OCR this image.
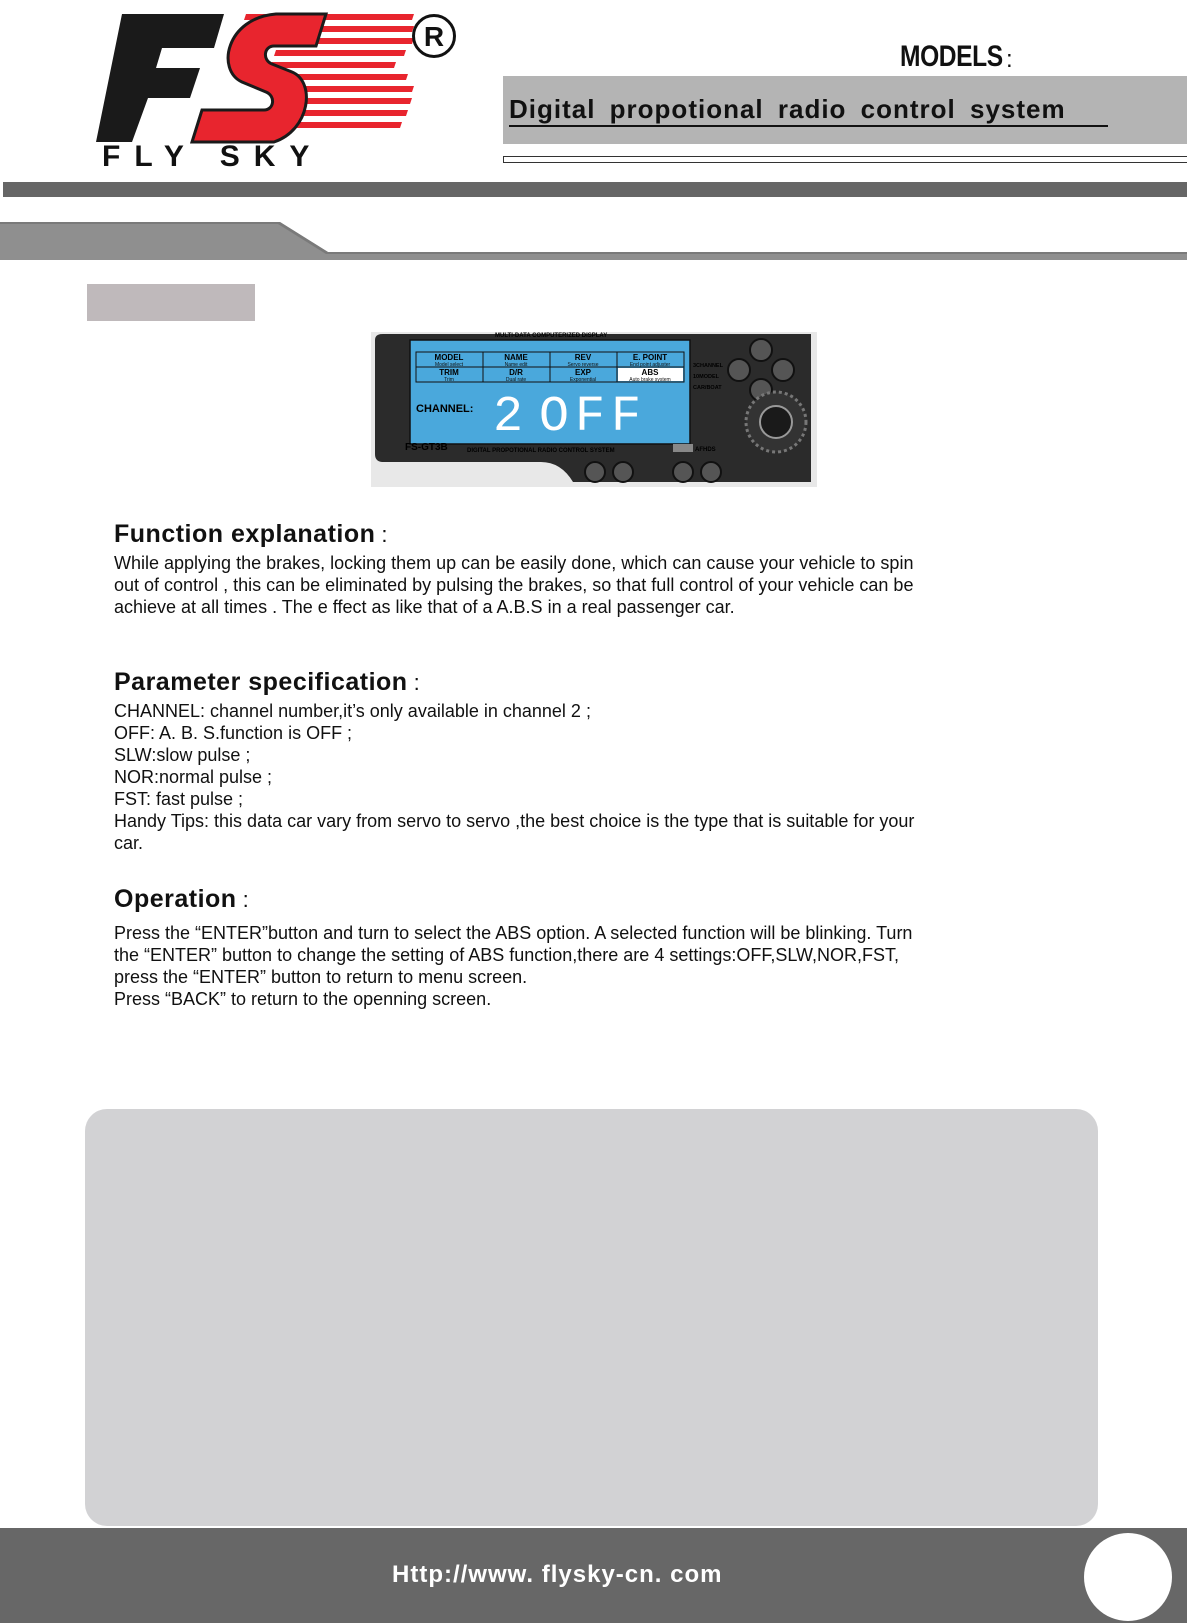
FLY SKY
R
MODELS :
Digital propotional radio control system
MULTI-DATA COMPUTERIZED DISPLAY
MODEL
Model select
NAME
Name edit
REV
Servo reverse
E. POINT
End point adjuster
TRIM
Trim
D/R
Dual rate
EXP
Exponential
ABS
Auto brake system
CHANNEL: 2 OFF
3CHANNEL
10MODEL
CAR/BOAT
FS-GT3B	DIGITAL PROPOTIONAL RADIO CONTROL SYSTEM	AFHDS
Function explanation :

While applying the brakes, locking them up can be easily done, which can cause your vehicle to spin

out of control , this can be eliminated by pulsing the brakes, so that full control of your vehicle can be

achieve at all times . The e ffect as like that of a A.B.S in a real passenger car.

Parameter specification :

CHANNEL: channel number,it’s only available in channel 2 ;

OFF: A. B. S.function is OFF ;

SLW:slow pulse ;

NOR:normal pulse ;

FST: fast pulse ;

Handy Tips: this data car vary from servo to servo ,the best choice is the type that is suitable for your

car.

Operation :

Press the “ENTER”button and turn to select the ABS option. A selected function will be blinking. Turn

the “ENTER” button to change the setting of ABS function,there are 4 settings:OFF,SLW,NOR,FST,

press the “ENTER” button to return to menu screen.

Press “BACK” to return to the openning screen.

Http://www. flysky-cn. com
